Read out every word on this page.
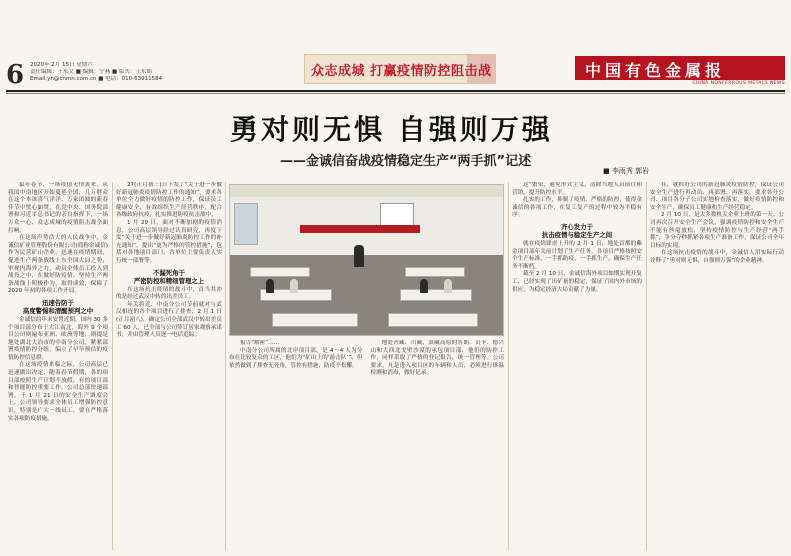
6 2020年 2月 15日 星期六
责任编辑：王东文 ■ 编辑：宁燕 ■ 版式：王东娟
Email:yh@cnmn.com.cn ■ 电话：010-63911584	众志成城 打赢疫情防控阻击战	中国有色金属报
CHINA NONFERROUS METALS NEWS
勇对则无惧 自强则万强
——金诚信奋战疫情稳定生产“两手抓”记述
■ 李雨秀 郭岩

鼠年春节，一场疫情无情袭来，从我国中南地区开始蔓延全国，几万胖众在这个本该喜气洋洋、万家团圆的新春佳节中忧心如焚，在党中央、国务院部署和习近平总书记的亲自指挥下，一场万众一心、众志成城的疫情阻击战全面打响。

在这场声势浩大的人民战争中，金诚信矿业管理股份有限公司(简称金诚信)作为民营矿山企业，迅速在疫情期间，促进生产两条战线上东全国大局之势，审视内海外之力，动员全体员工投入到战役之中，在做好防疫情、坚持生产两条战线上积极作为，取得成效，保障了 2020 年初的各项工作开局。

迅速告防于
高度警惕和清醒预判之中

金诚信的年末安置近期，国内 30 多个项目部分布于大江南北，海外 9 个项目公司则遍布亚洲、欧洲等地，则提是地处湖北大冶市的中南分公司，紧紧部署疫情防控分组，编立了早早预估的疫情防控信息群。

在这场疫情来临之际，公司高层已迅速做出决定，随着春节假期，各的项目部按照生产计划不放假，有的项目部和智能防控重要工作。公司总部快速部署，于 1 月 21 日的安全生产调度会上，公司领导要求全体员工增强防控意识，特别是广大一线员工，要在严格落实各项防疫措施。

27(正月初三)日下发了“关于进一步做好新冠肺炎疫情防控工作的通知”，要求各单位全力做好疫情的防控工作，保证员工健康安全，有效组织生产经营秩序，配合各级政府抗疫，扎实推进防疫抗击战中。

1 月 29 日，面对不断加剧的疫情消息，公司高层领导经过认真研究，再度下发“关于进一步做好新冠肺炎防控工作的补充通知”，提出“更为严格的管控措施”，包括对各地项目部门、各单位主要负责人实行统一部署等。

不漏死角于
严密防控和精细管理之上

在这场抗击疫情的战斗中，首当其冲的是经过武汉中转的出差员工。

年关将近，中南分公司节前就对与武汉相连的各个项目进行了排查，2 月 1 日(正月初八)，确定公司全部武汉中转出差员工 60 人，已全部与公司签订居家观察承诺书，并由管理人员逐一电话追踪。

报告“解密”……

中南分公司所属的北岸项目部，是 4～4 人为分布在比较复杂的工区，他们为“矿山上的‘游击队’”，但依然做到了排查无死角，管控有措施，防疫不松懈。

地处青藏、川藏、滇藏高原的普朗、贡卡、德兴山和大西北戈壁沙漠的承包项目部，他们的防控工作，同样采取了严格的登记报告、统一管理等。公司要求，凡是进入项目区的车辆和人员，必须进行体温检测和消毒，做好记录。

这“繁荣，避免形式主义，清除当地人员前往和营销，提升防控水平。

扎实的工作，抑制了疫情，严格的防控，使得金诚信的各项工作，在复工复产的过程中较为平稳有序。

齐心发力于
抗击疫情与稳定生产之间

就在疫情肆虐上升的 2 月 1 日，地处首都的紫金项目部年关前计划了生产任务，各项目严格按照安全生产标准，一手抓防疫，一手抓生产，确保生产任务不断档。

截至 2 月 10 日，金诚信海外项目如期实现开复工，已经实现了出矿量的稳定，保证了国内外市场的供应，为稳定经济大局贡献了力量。

在，就抓好公司的新冠肺炎疫情防控，保证公司安全生产进行再动员、再部署、再落实。要求各分公司、项目各分子公司实地检查落实，做好疫情防控和安全生产，确保员工健康和生产经营稳定。

2 月 10 日，是大多数机关企业上班的第一天。公司再次召开安全生产会议，强调疫情防控和安全生产不能有丝毫放松，坚持疫情防控与生产经营“两手抓”，争分夺秒抓紧各项生产准备工作，保证公司全年目标的实现。

在这场抗击疫情的战斗中，金诚信人用实际行动诠释了“勇对则无惧，自强则万强”的企业精神。
